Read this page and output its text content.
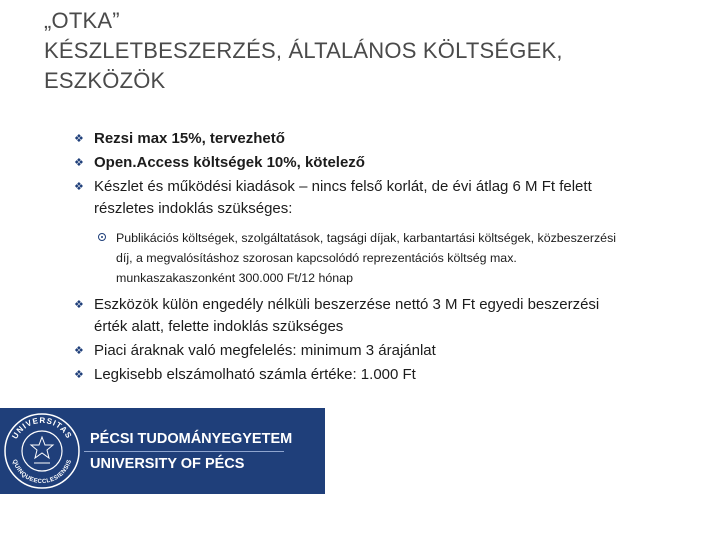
„OTKA”
KÉSZLETBESZERZÉS, ÁLTALÁNOS KÖLTSÉGEK,
ESZKÖZÖK
❖ Rezsi max 15%, tervezhető
❖ Open.Access költségek 10%, kötelező
❖ Készlet és működési kiadások – nincs felső korlát, de évi átlag 6 M Ft felett részletes indoklás szükséges:
Publikációs költségek, szolgáltatások, tagsági díjak, karbantartási költségek, közbeszerzési díj, a megvalósításhoz szorosan kapcsolódó reprezentációs költség max. munkaszakaszonként 300.000 Ft/12 hónap
❖ Eszközök külön engedély nélküli beszerzése nettó 3 M Ft egyedi beszerzési érték alatt, felette indoklás szükséges
❖ Piaci áraknak való megfelelés: minimum 3 árajánlat
❖ Legkisebb elszámolható számla értéke: 1.000 Ft
UNIVERSITAS
QUINQUEECCLESIENSIS
PÉCSI TUDOMÁNYEGYETEM
UNIVERSITY OF PÉCS
